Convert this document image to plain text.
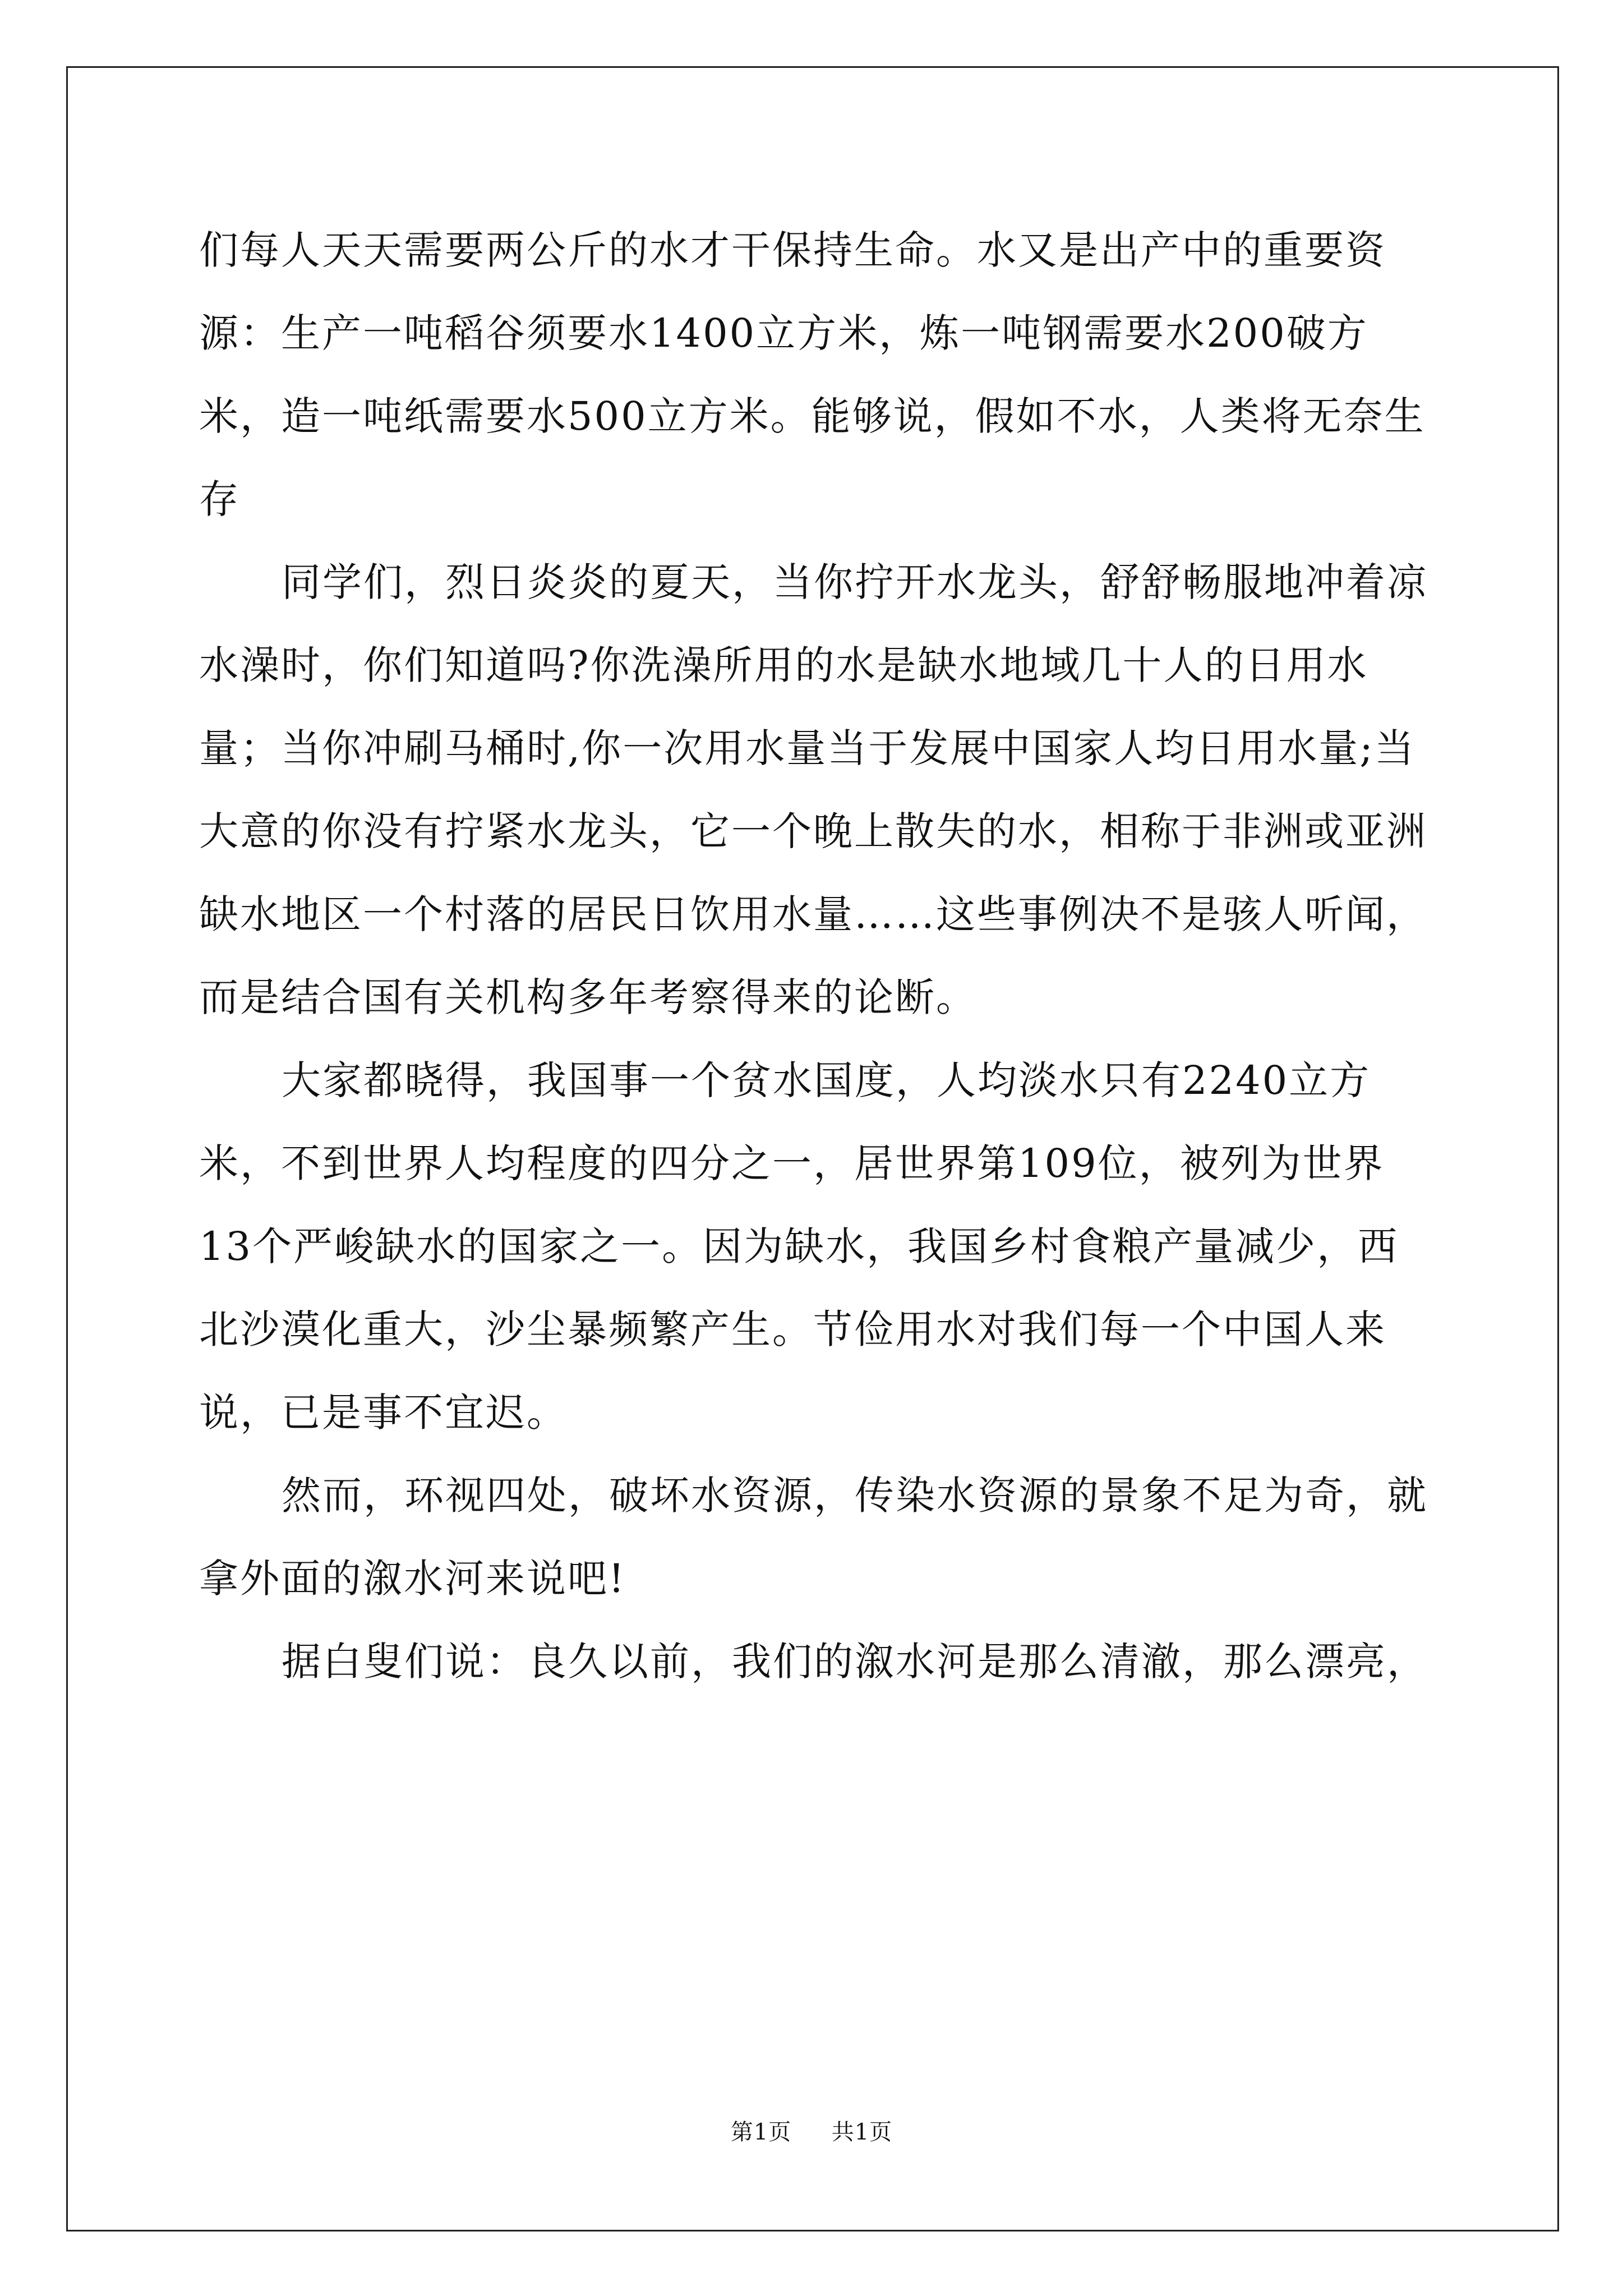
们每人天天需要两公斤的水才干保持生命。水又是出产中的重要资源：生产一吨稻谷须要水1400立方米，炼一吨钢需要水200破方米，造一吨纸需要水500立方米。能够说，假如不水，人类将无奈生存

同学们，烈日炎炎的夏天，当你拧开水龙头，舒舒畅服地冲着凉水澡时，你们知道吗?你洗澡所用的水是缺水地域几十人的日用水量；当你冲刷马桶时,你一次用水量当于发展中国家人均日用水量;当大意的你没有拧紧水龙头，它一个晚上散失的水，相称于非洲或亚洲缺水地区一个村落的居民日饮用水量……这些事例决不是骇人听闻，而是结合国有关机构多年考察得来的论断。

大家都晓得，我国事一个贫水国度，人均淡水只有2240立方米，不到世界人均程度的四分之一，居世界第109位，被列为世界13个严峻缺水的国家之一。因为缺水，我国乡村食粮产量减少，西北沙漠化重大，沙尘暴频繁产生。节俭用水对我们每一个中国人来说，已是事不宜迟。

然而，环视四处，破坏水资源，传染水资源的景象不足为奇，就拿外面的溆水河来说吧!

据白叟们说：良久以前，我们的溆水河是那么清澈，那么漂亮，

第1页 共1页
